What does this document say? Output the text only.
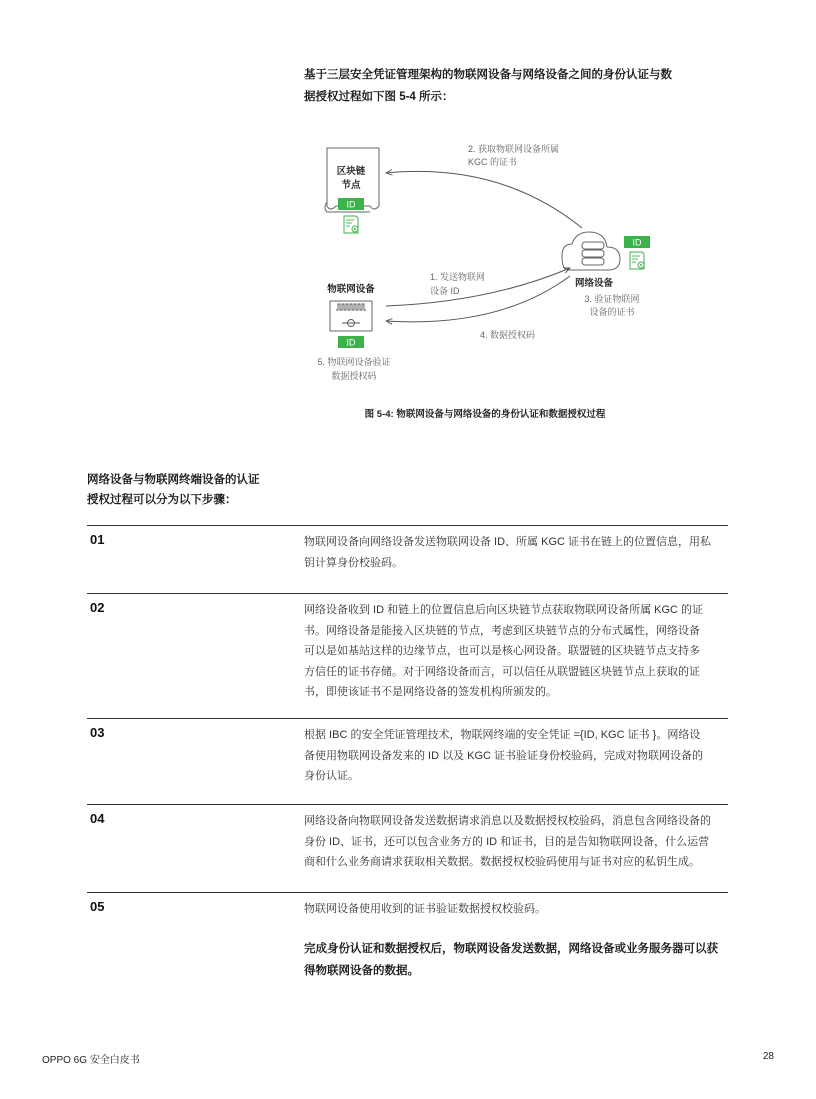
基于三层安全凭证管理架构的物联网设备与网络设备之间的身份认证与数

据授权过程如下图 5-4 所示：

区块链
节点
ID
网络设备
ID
物联网设备
ID
2. 获取物联网设备所属
KGC 的证书
1. 发送物联网
设备 ID
3. 验证物联网
设备的证书
4. 数据授权码
5. 物联网设备验证
数据授权码
图 5-4: 物联网设备与网络设备的身份认证和数据授权过程

网络设备与物联网终端设备的认证

授权过程可以分为以下步骤：

01	物联网设备向网络设备发送物联网设备 ID、所属 KGC 证书在链上的位置信息，用私

钥计算身份校验码。

02	网络设备收到 ID 和链上的位置信息后向区块链节点获取物联网设备所属 KGC 的证

书。网络设备是能接入区块链的节点，考虑到区块链节点的分布式属性，网络设备

可以是如基站这样的边缘节点，也可以是核心网设备。联盟链的区块链节点支持多

方信任的证书存储。对于网络设备而言，可以信任从联盟链区块链节点上获取的证

书，即使该证书不是网络设备的签发机构所颁发的。

03	根据 IBC 的安全凭证管理技术，物联网终端的安全凭证 ={ID, KGC 证书 }。网络设

备使用物联网设备发来的 ID 以及 KGC 证书验证身份校验码，完成对物联网设备的

身份认证。

04	网络设备向物联网设备发送数据请求消息以及数据授权校验码，消息包含网络设备的

身份 ID、证书，还可以包含业务方的 ID 和证书，目的是告知物联网设备，什么运营

商和什么业务商请求获取相关数据。数据授权校验码使用与证书对应的私钥生成。

05	物联网设备使用收到的证书验证数据授权校验码。

完成身份认证和数据授权后，物联网设备发送数据，网络设备或业务服务器可以获

得物联网设备的数据。

OPPO 6G 安全白皮书	28
